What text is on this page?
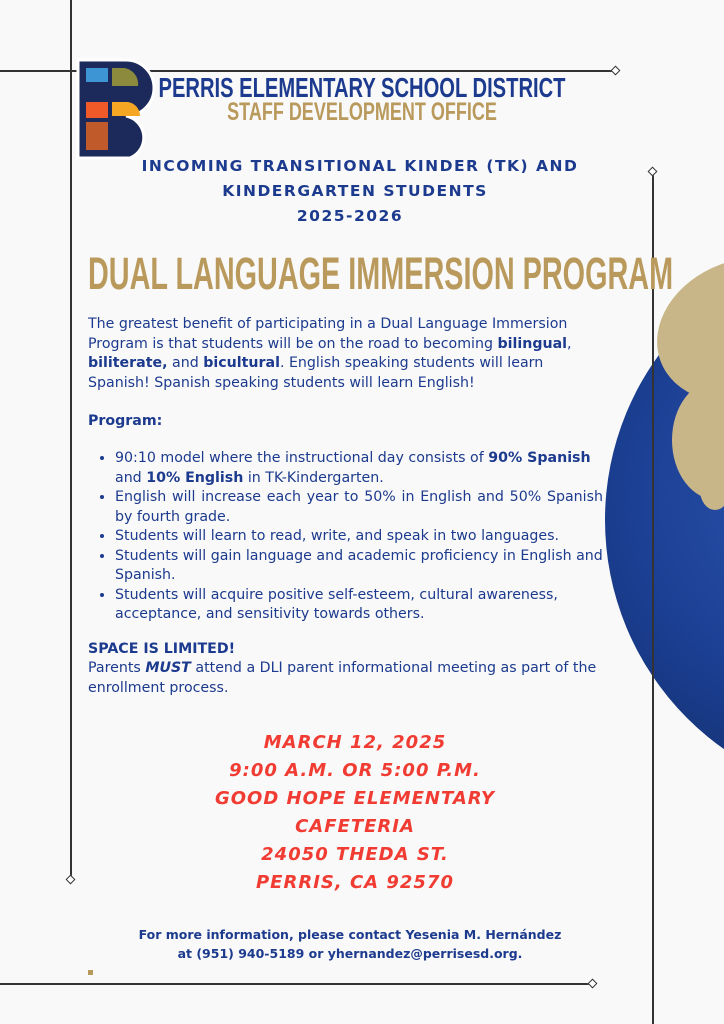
PERRIS ELEMENTARY SCHOOL DISTRICT
STAFF DEVELOPMENT OFFICE
INCOMING TRANSITIONAL KINDER (TK) AND
KINDERGARTEN STUDENTS
2025-2026
DUAL LANGUAGE IMMERSION PROGRAM
The greatest benefit of participating in a Dual Language Immersion Program is that students will be on the road to becoming bilingual, biliterate, and bicultural. English speaking students will learn Spanish! Spanish speaking students will learn English!
Program:
• 90:10 model where the instructional day consists of 90% Spanish and 10% English in TK-Kindergarten.
• English will increase each year to 50% in English and 50% Spanish by fourth grade.
• Students will learn to read, write, and speak in two languages.
• Students will gain language and academic proficiency in English and Spanish.
• Students will acquire positive self-esteem, cultural awareness, acceptance, and sensitivity towards others.
SPACE IS LIMITED!
Parents MUST attend a DLI parent informational meeting as part of the enrollment process.
MARCH 12, 2025
9:00 A.M. OR 5:00 P.M.
GOOD HOPE ELEMENTARY
CAFETERIA
24050 THEDA ST.
PERRIS, CA 92570
For more information, please contact Yesenia M. Hernández
at (951) 940-5189 or yhernandez@perrisesd.org.
